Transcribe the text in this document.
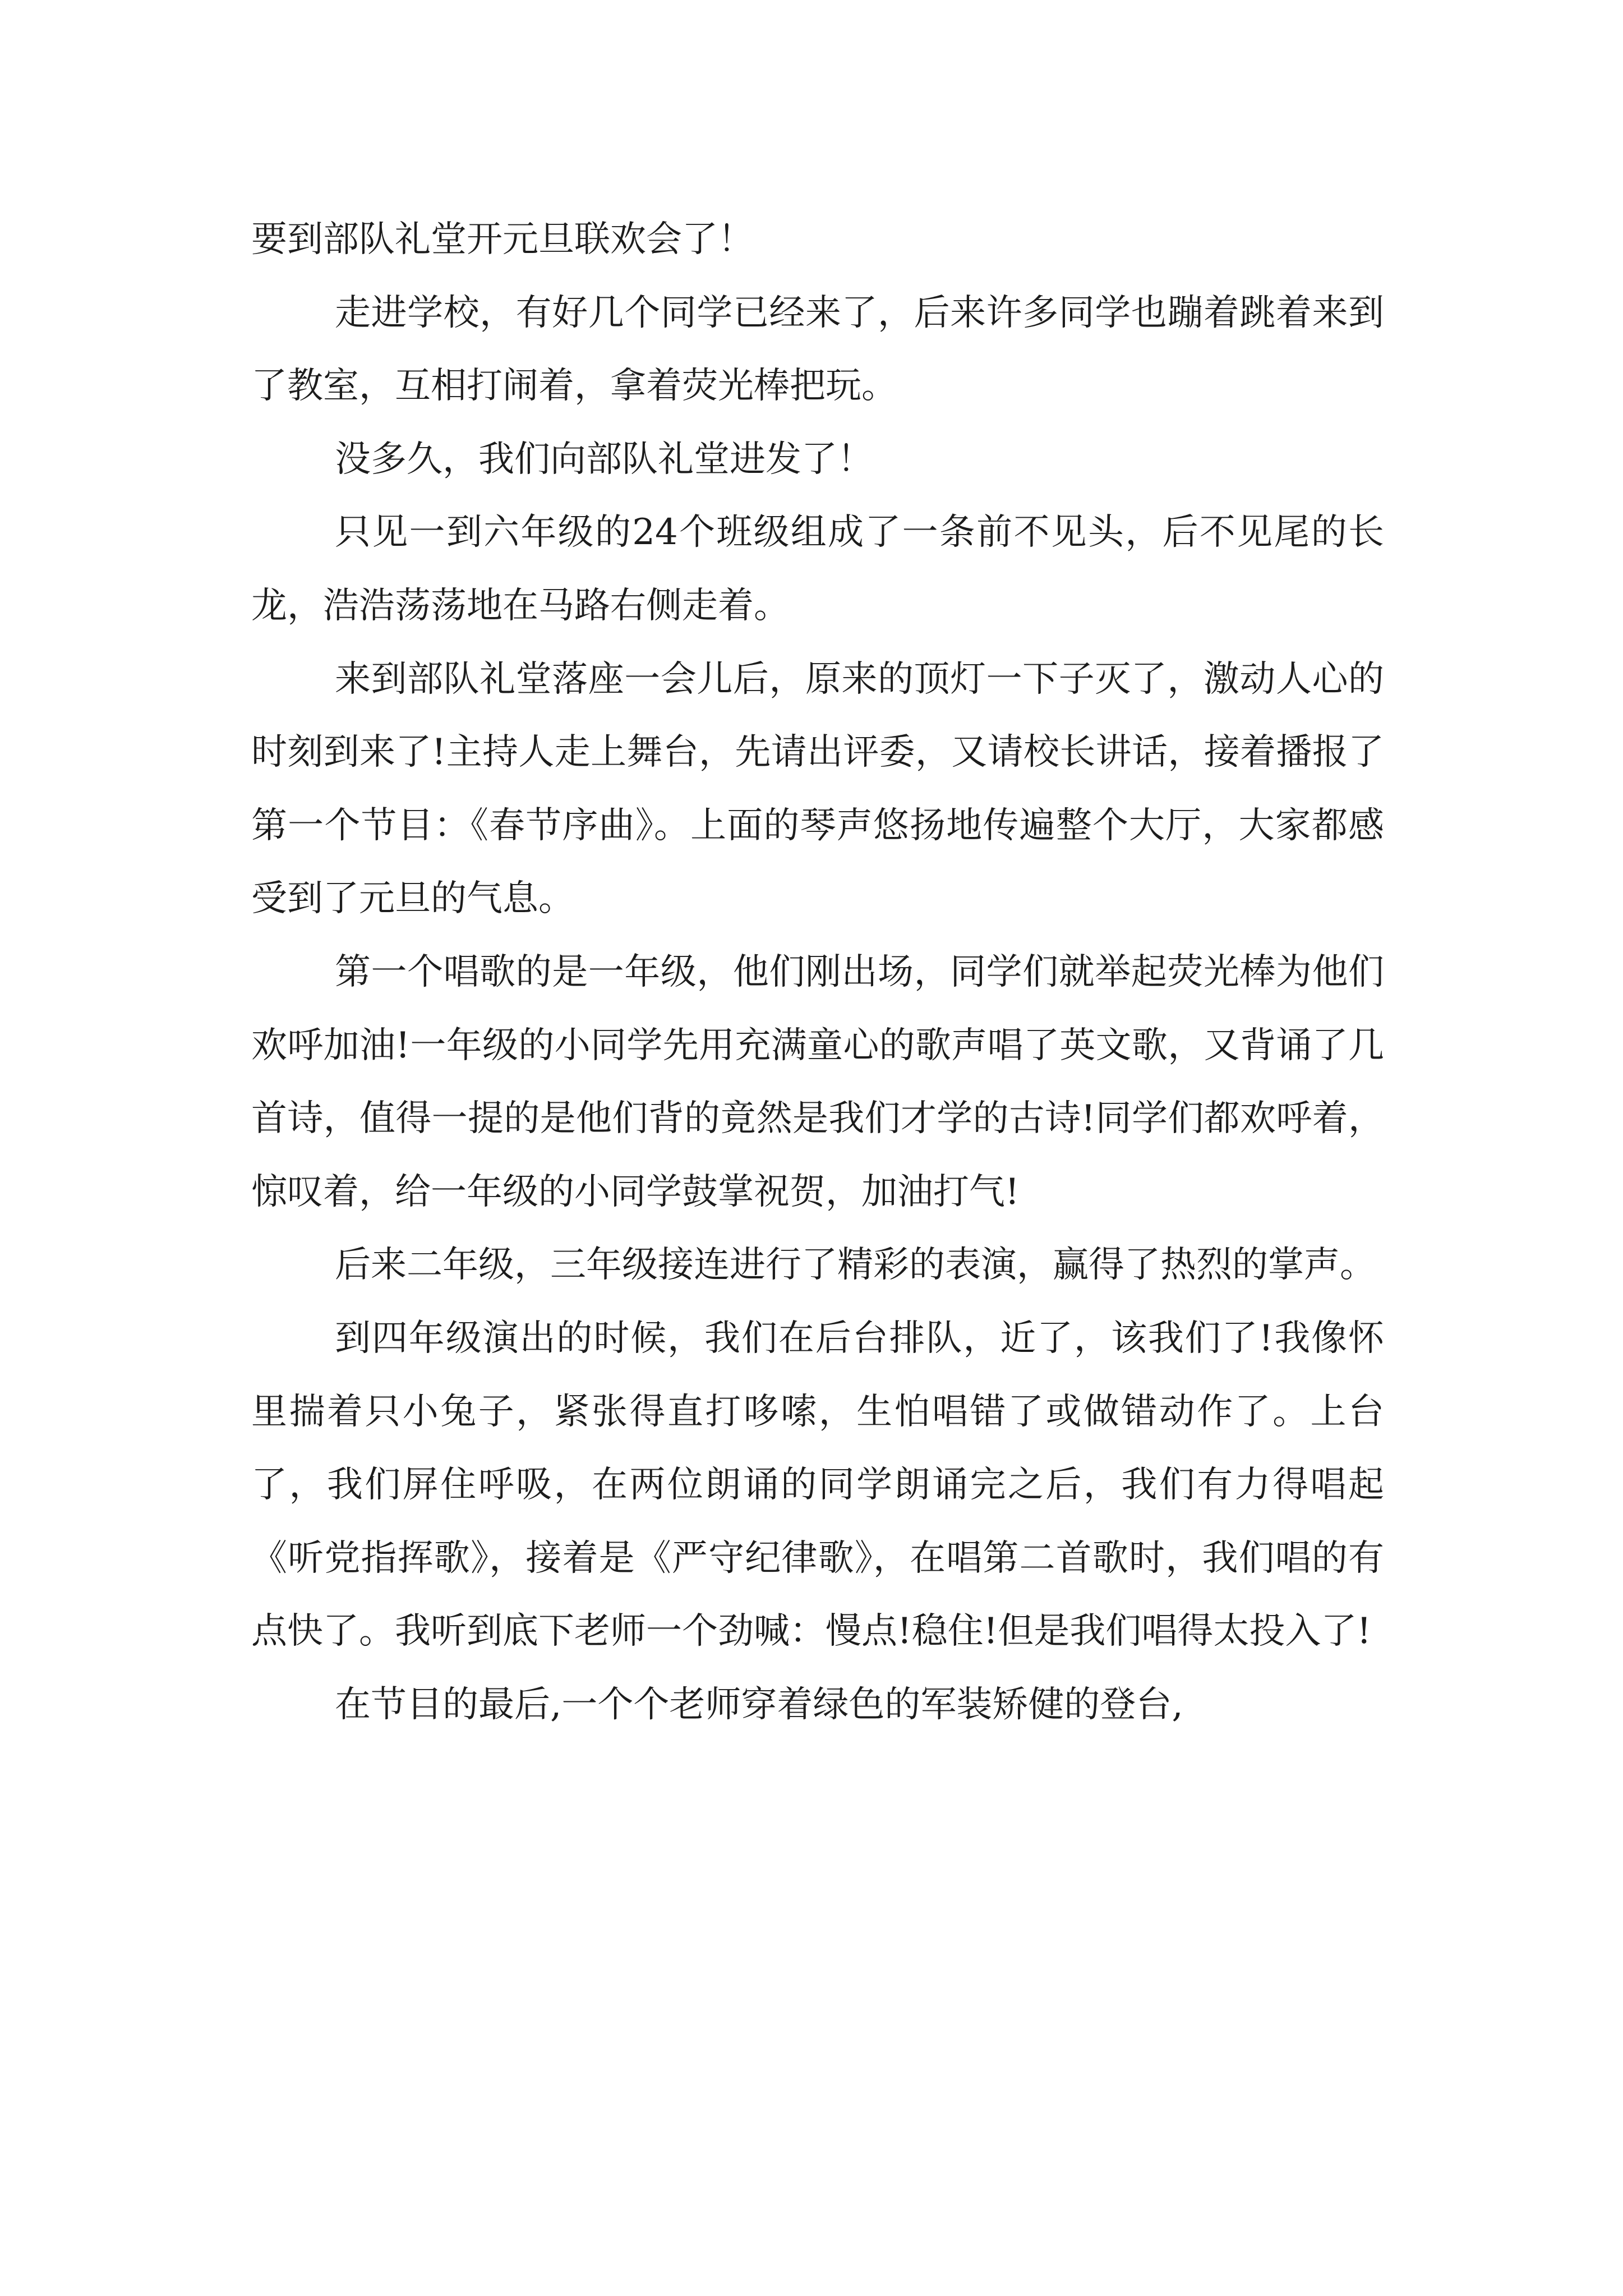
要到部队礼堂开元旦联欢会了！

走进学校，有好几个同学已经来了，后来许多同学也蹦着跳着来到了教室，互相打闹着，拿着荧光棒把玩。

没多久，我们向部队礼堂进发了！

只见一到六年级的24个班级组成了一条前不见头，后不见尾的长龙，浩浩荡荡地在马路右侧走着。

来到部队礼堂落座一会儿后，原来的顶灯一下子灭了，激动人心的时刻到来了!主持人走上舞台，先请出评委，又请校长讲话，接着播报了第一个节目：《春节序曲》。上面的琴声悠扬地传遍整个大厅，大家都感受到了元旦的气息。

第一个唱歌的是一年级，他们刚出场，同学们就举起荧光棒为他们欢呼加油!一年级的小同学先用充满童心的歌声唱了英文歌，又背诵了几首诗，值得一提的是他们背的竟然是我们才学的古诗!同学们都欢呼着，惊叹着，给一年级的小同学鼓掌祝贺，加油打气!

后来二年级，三年级接连进行了精彩的表演，赢得了热烈的掌声。

到四年级演出的时候，我们在后台排队，近了，该我们了!我像怀里揣着只小兔子，紧张得直打哆嗦，生怕唱错了或做错动作了。上台了，我们屏住呼吸，在两位朗诵的同学朗诵完之后，我们有力得唱起《听党指挥歌》，接着是《严守纪律歌》，在唱第二首歌时，我们唱的有点快了。我听到底下老师一个劲喊：慢点!稳住!但是我们唱得太投入了!

在节目的最后,一个个老师穿着绿色的军装矫健的登台,
